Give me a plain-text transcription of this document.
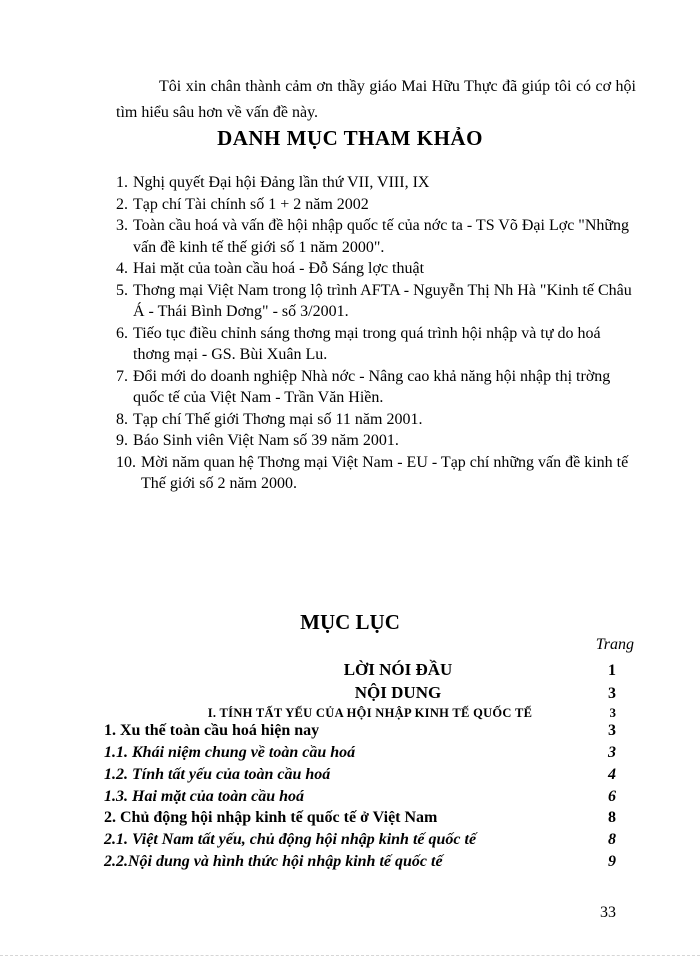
Tôi xin chân thành cảm ơn thầy giáo Mai Hữu Thực đã giúp tôi có cơ hội tìm hiểu sâu hơn về vấn đề này.

DANH MỤC THAM KHẢO
1. Nghị quyết Đại hội Đảng lần thứ VII, VIII, IX
2. Tạp chí Tài chính số 1 + 2 năm 2002
3. Toàn cầu hoá và vấn đề hội nhập quốc tế của nớc ta - TS Võ Đại Lợc "Những vấn đề kinh tế thế giới số 1 năm 2000".
4. Hai mặt của toàn cầu hoá - Đỗ Sáng lợc thuật
5. Thơng mại Việt Nam trong lộ trình AFTA - Nguyễn Thị Nh Hà "Kinh tế Châu Á - Thái Bình Dơng" - số 3/2001.
6. Tiếo tục điều chỉnh sáng thơng mại trong quá trình hội nhập và tự do hoá thơng mại - GS. Bùi Xuân Lu.
7. Đổi mới do doanh nghiệp Nhà nớc - Nâng cao khả năng hội nhập thị trờng quốc tế của Việt Nam - Trần Văn Hiền.
8. Tạp chí Thế giới Thơng mại số 11 năm 2001.
9. Báo Sinh viên Việt Nam số 39 năm 2001.
10. Mời năm quan hệ Thơng mại Việt Nam - EU - Tạp chí những vấn đề kinh tế Thế giới số 2 năm 2000.
MỤC LỤC
Trang
LỜI NÓI ĐẦU	1
NỘI DUNG	3
I. TÍNH TẤT YẾU CỦA HỘI NHẬP KINH TẾ QUỐC TẾ	3
1. Xu thế toàn cầu hoá hiện nay	3
1.1. Khái niệm chung về toàn cầu hoá	3
1.2. Tính tất yếu của toàn cầu hoá	4
1.3. Hai mặt của toàn cầu hoá	6
2. Chủ động hội nhập kinh tế quốc tế ở Việt Nam	8
2.1. Việt Nam tất yếu, chủ động hội nhập kinh tế quốc tế	8
2.2.Nội dung và hình thức hội nhập kinh tế quốc tế	9
33
